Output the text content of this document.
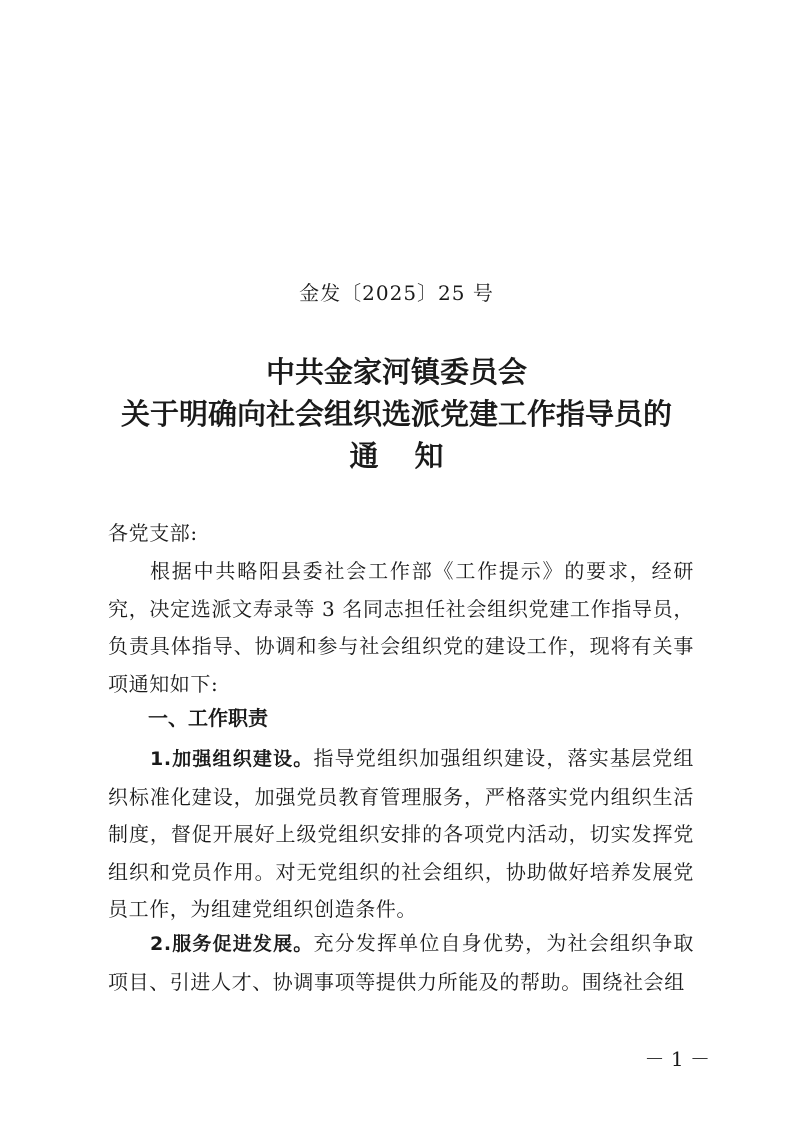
金发〔2025〕25 号
中共金家河镇委员会
关于明确向社会组织选派党建工作指导员的
通知
各党支部:
根据中共略阳县委社会工作部《工作提示》的要求，经研究，决定选派文寿录等 3 名同志担任社会组织党建工作指导员，负责具体指导、协调和参与社会组织党的建设工作，现将有关事项通知如下:
一、工作职责
1.加强组织建设。指导党组织加强组织建设，落实基层党组织标准化建设，加强党员教育管理服务，严格落实党内组织生活制度，督促开展好上级党组织安排的各项党内活动，切实发挥党组织和党员作用。对无党组织的社会组织，协助做好培养发展党员工作，为组建党组织创造条件。
2.服务促进发展。充分发挥单位自身优势，为社会组织争取项目、引进人才、协调事项等提供力所能及的帮助。围绕社会组
－ 1 －
